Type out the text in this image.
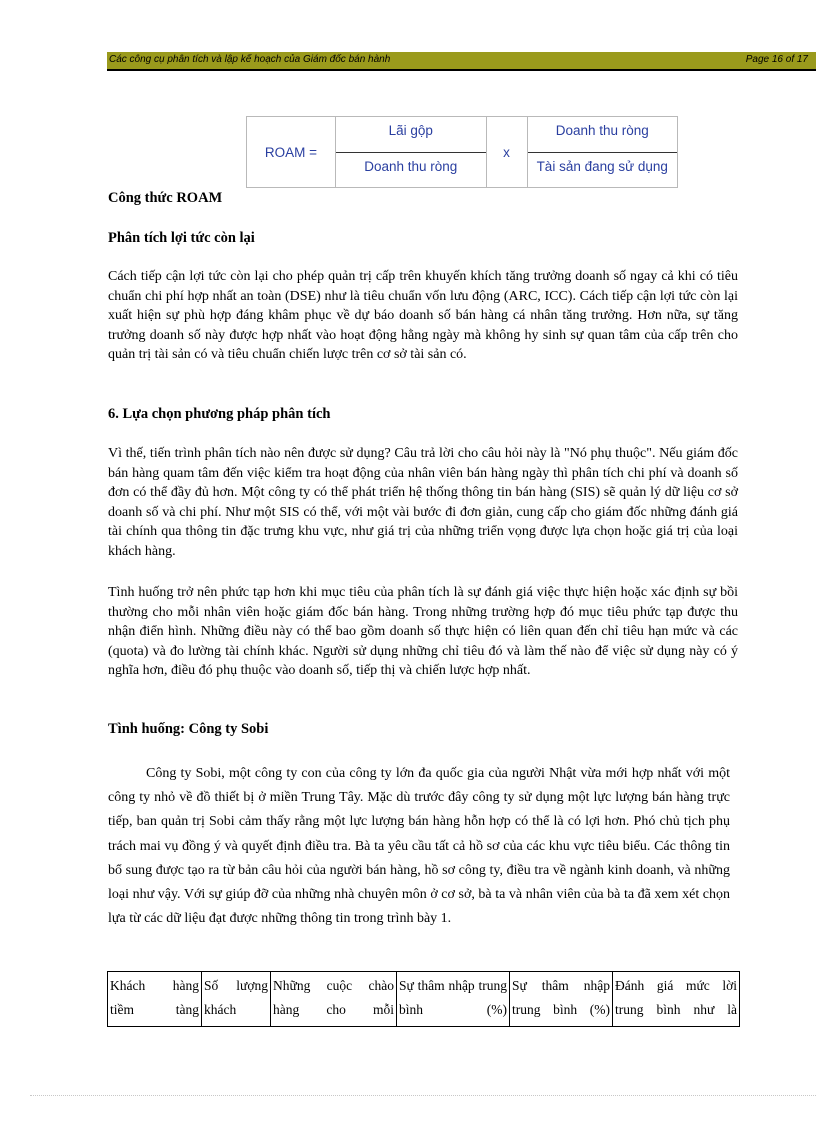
Các công cụ phân tích và lập kế hoạch của Giám đốc bán hành	Page 16 of 17
ROAM =	
Lãi gộp
Doanh thu ròng
	x	
Doanh thu ròng
Tài sản đang sử dụng
Công thức ROAM
Phân tích lợi tức còn lại
Cách tiếp cận lợi tức còn lại cho phép quản trị cấp trên khuyến khích tăng trưởng doanh số ngay cả khi có tiêu chuẩn chi phí hợp nhất an toàn (DSE) như là tiêu chuẩn vốn lưu động (ARC, ICC). Cách tiếp cận lợi tức còn lại xuất hiện sự phù hợp đáng khâm phục về dự báo doanh số bán hàng cá nhân tăng trưởng. Hơn nữa, sự tăng trưởng doanh số này được hợp nhất vào hoạt động hằng ngày mà không hy sinh sự quan tâm của cấp trên cho quản trị tài sản có và tiêu chuẩn chiến lược trên cơ sở tài sản có.
6. Lựa chọn phương pháp phân tích
Vì thế, tiến trình phân tích nào nên được sử dụng? Câu trả lời cho câu hỏi này là "Nó phụ thuộc". Nếu giám đốc bán hàng quam tâm đến việc kiểm tra hoạt động của nhân viên bán hàng ngày thì phân tích chi phí và doanh số đơn có thể đầy đủ hơn. Một công ty có thể phát triển hệ thống thông tin bán hàng (SIS) sẽ quản lý dữ liệu cơ sở doanh số và chi phí. Như một SIS có thể, với một vài bước đi đơn giản, cung cấp cho giám đốc những đánh giá tài chính qua thông tin đặc trưng khu vực, như giá trị của những triển vọng được lựa chọn hoặc giá trị của loại khách hàng.
Tình huống trở nên phức tạp hơn khi mục tiêu của phân tích là sự đánh giá việc thực hiện hoặc xác định sự bồi thường cho mỗi nhân viên hoặc giám đốc bán hàng. Trong những trường hợp đó mục tiêu phức tạp được thu nhận điển hình. Những điều này có thể bao gồm doanh số thực hiện có liên quan đến chỉ tiêu hạn mức và các (quota) và đo lường tài chính khác. Người sử dụng những chỉ tiêu đó và làm thế nào để việc sử dụng này có ý nghĩa hơn, điều đó phụ thuộc vào doanh số, tiếp thị và chiến lược hợp nhất.
Tình huống: Công ty Sobi
Công ty Sobi, một công ty con của công ty lớn đa quốc gia của người Nhật vừa mới hợp nhất với một công ty nhỏ về đồ thiết bị ở miền Trung Tây. Mặc dù trước đây công ty sử dụng một lực lượng bán hàng trực tiếp, ban quản trị Sobi cảm thấy rằng một lực lượng bán hàng hỗn hợp có thể là có lợi hơn. Phó chủ tịch phụ trách mai vụ đồng ý và quyết định điều tra. Bà ta yêu cầu tất cả hồ sơ của các khu vực tiêu biểu. Các thông tin bổ sung được tạo ra từ bản câu hỏi của người bán hàng, hồ sơ công ty, điều tra về ngành kinh doanh, và những loại như vậy. Với sự giúp đỡ của những nhà chuyên môn ở cơ sở, bà ta và nhân viên của bà ta đã xem xét chọn lựa từ các dữ liệu đạt được những thông tin trong trình bày 1.
Khách hàng tiềm tàng	Số lượng khách	Những cuộc chào hàng cho mỗi	Sự thâm nhập trung bình (%)	Sự thâm nhập trung bình (%)	Đánh giá mức lời trung bình như là
